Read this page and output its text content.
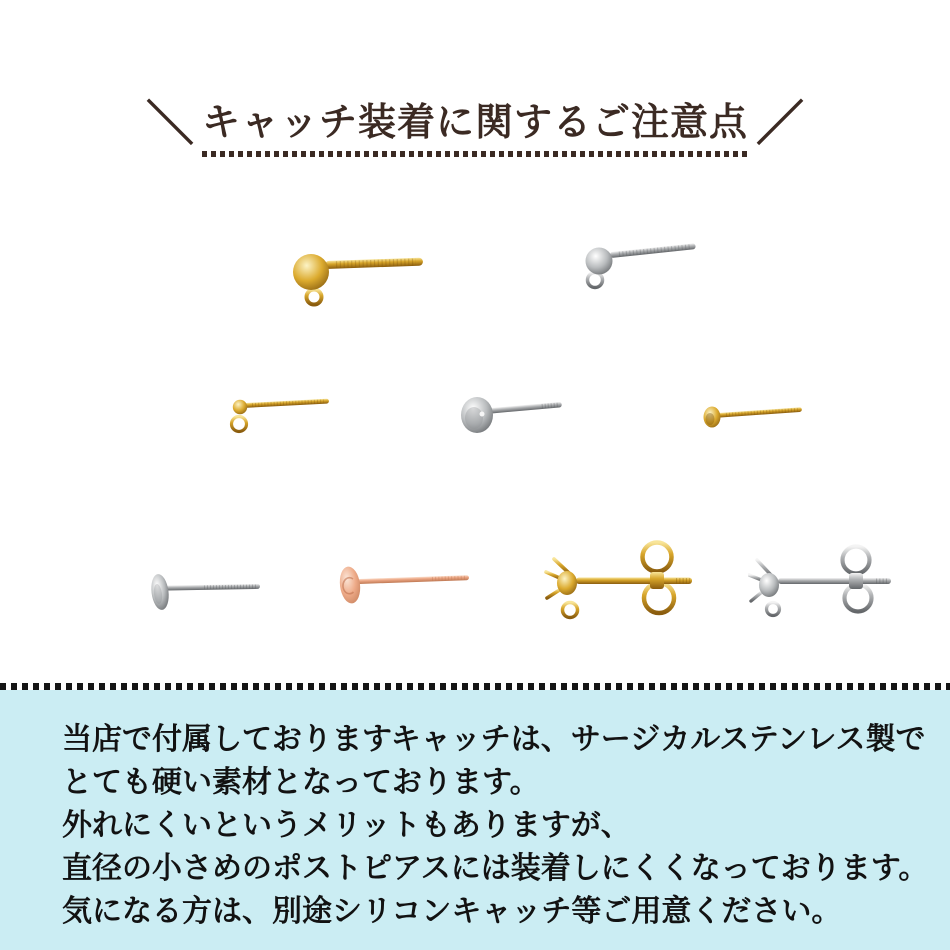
＼ キャッチ装着に関するご注意点 ／

当店で付属しておりますキャッチは、サージカルステンレス製で

とても硬い素材となっております。

外れにくいというメリットもありますが、

直径の小さめのポストピアスには装着しにくくなっております。

気になる方は、別途シリコンキャッチ等ご用意ください。
